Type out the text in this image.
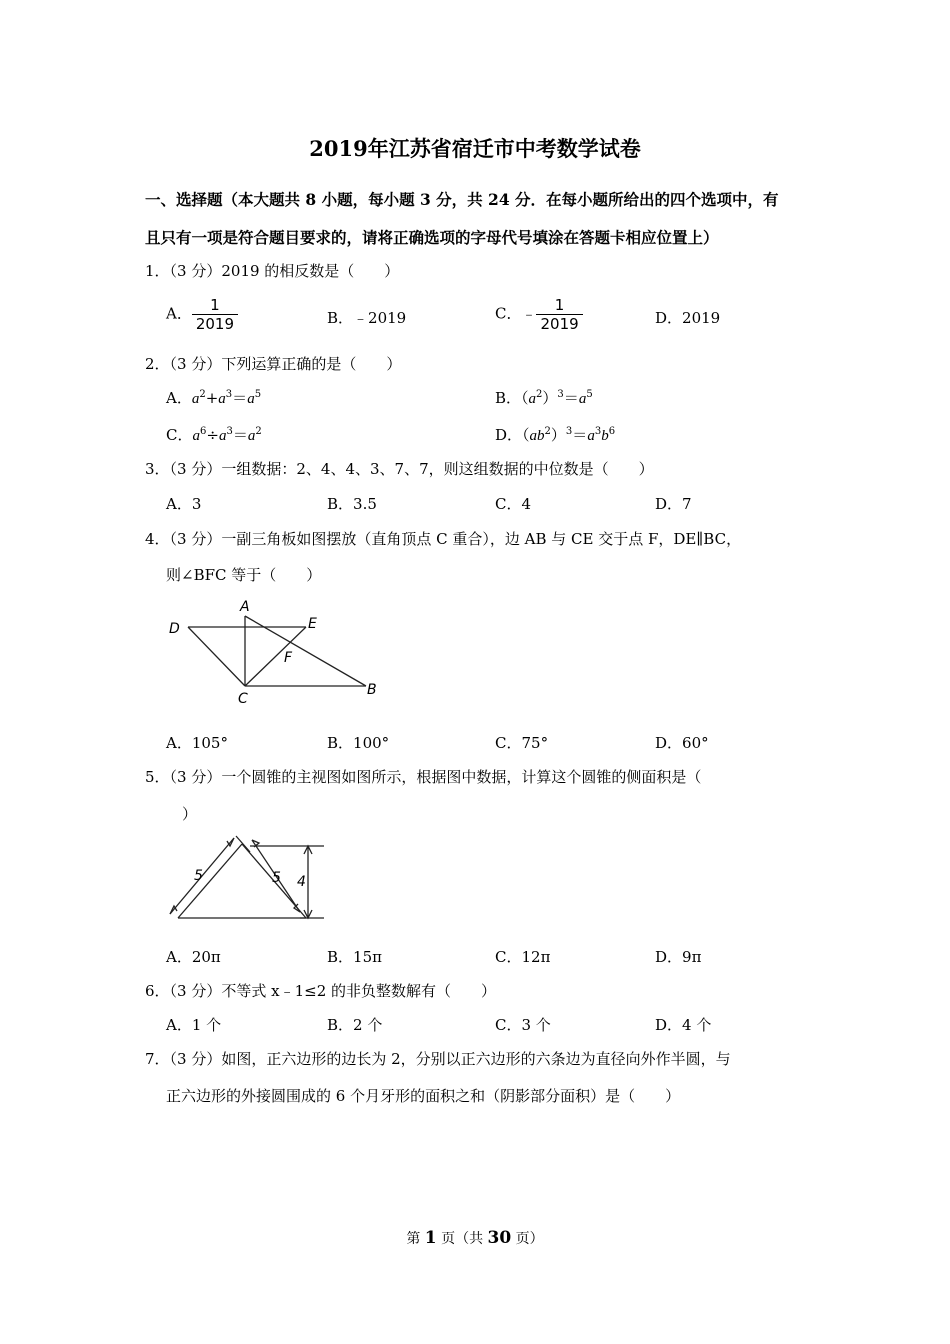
2019年江苏省宿迁市中考数学试卷
一、选择题（本大题共 8 小题，每小题 3 分，共 24 分．在每小题所给出的四个选项中，有
且只有一项是符合题目要求的，请将正确选项的字母代号填涂在答题卡相应位置上）
1．（3 分）2019 的相反数是（　　）
A． $\frac{1}{2019}$	B．﹣2019	C．﹣ $\frac{1}{2019}$	D．2019
2．（3 分）下列运算正确的是（　　）
A．$a^2+a^3=a^5$	B．$(a^2)^3=a^5$
C．$a^6\div a^3=a^2$	D．$(ab^2)^3=a^3b^6$
3．（3 分）一组数据：2、4、4、3、7、7，则这组数据的中位数是（　　）
A．3	B．3.5	C．4	D．7
4．（3 分）一副三角板如图摆放（直角顶点 C 重合），边 AB 与 CE 交于点 F，DE∥BC，
则∠BFC 等于（　　）
A
D	E
F
C
B
A．105°	B．100°	C．75°	D．60°
5．（3 分）一个圆锥的主视图如图所示，根据图中数据，计算这个圆锥的侧面积是（
）
5	5 4
A．20π	B．15π	C．12π	D．9π
6．（3 分）不等式 x﹣1≤2 的非负整数解有（　　）
A．1 个	B．2 个	C．3 个	D．4 个
7．（3 分）如图，正六边形的边长为 2，分别以正六边形的六条边为直径向外作半圆，与
正六边形的外接圆围成的 6 个月牙形的面积之和（阴影部分面积）是（　　）
第 1 页（共 30 页）
